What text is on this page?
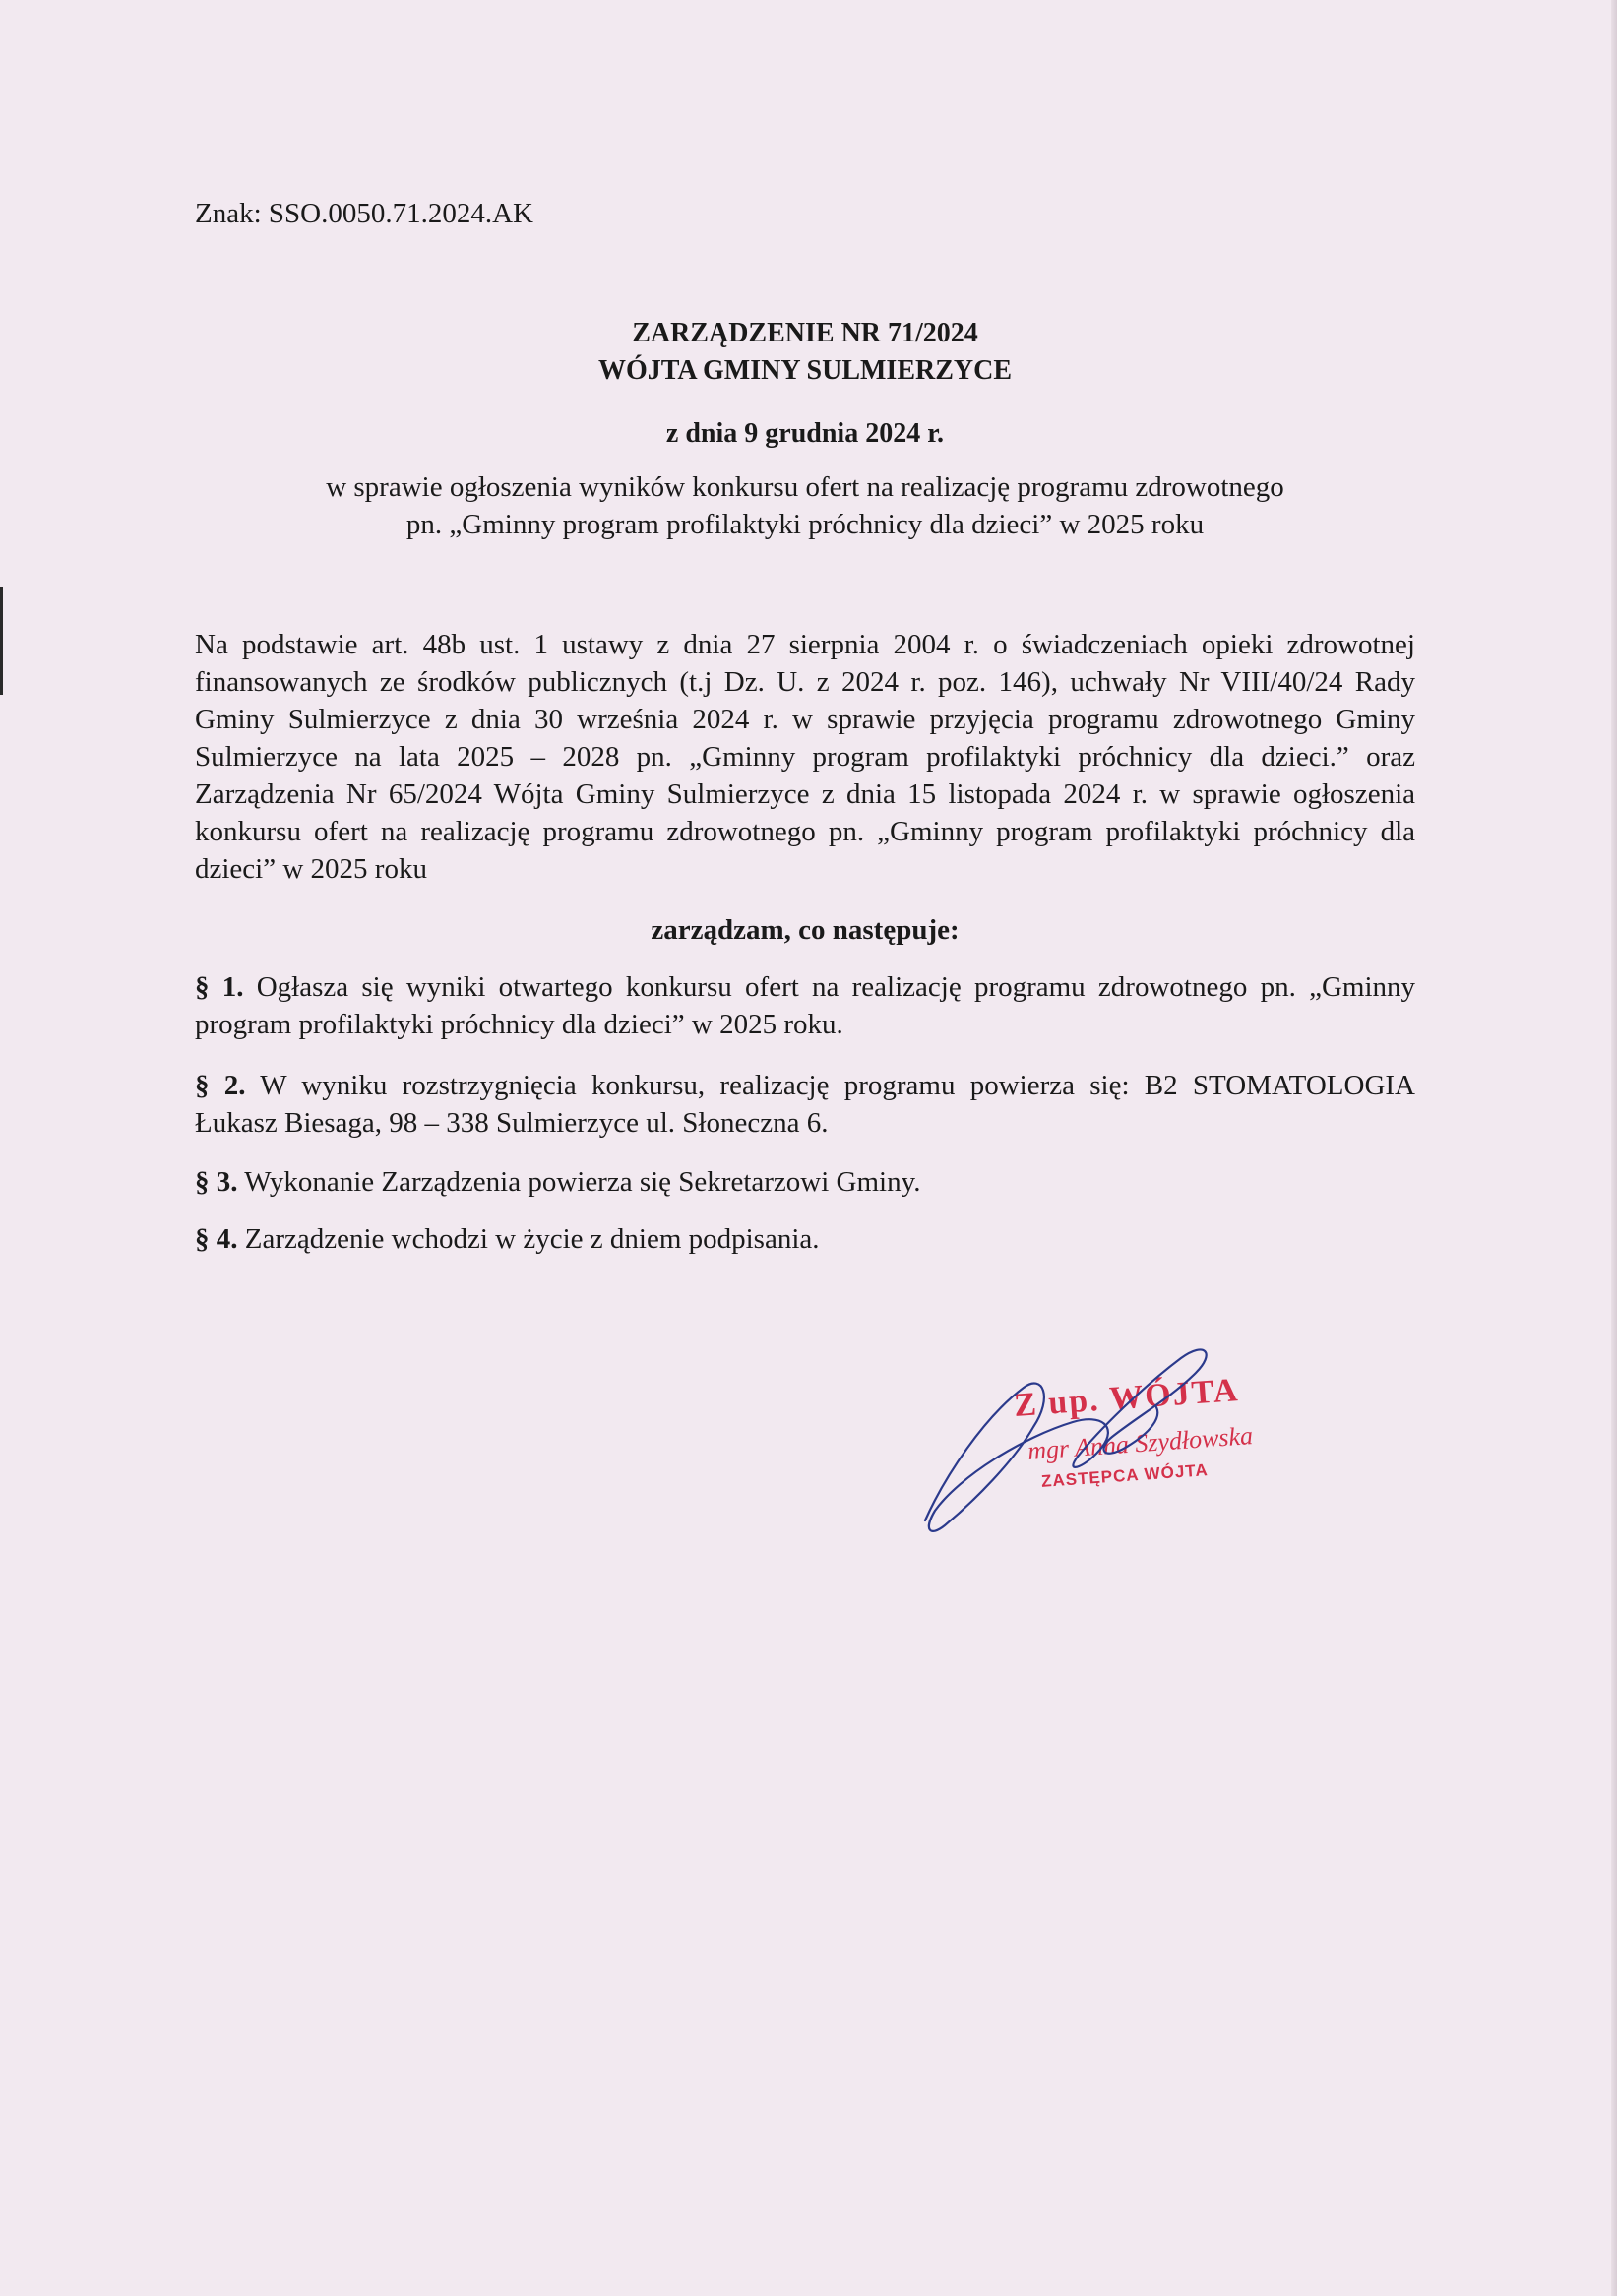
Znak: SSO.0050.71.2024.AK
ZARZĄDZENIE NR 71/2024
WÓJTA GMINY SULMIERZYCE
z dnia 9 grudnia 2024 r.
w sprawie ogłoszenia wyników konkursu ofert na realizację programu zdrowotnego
pn. „Gminny program profilaktyki próchnicy dla dzieci” w 2025 roku
Na podstawie art. 48b ust. 1 ustawy z dnia 27 sierpnia 2004 r. o świadczeniach opieki zdrowotnej finansowanych ze środków publicznych (t.j Dz. U. z 2024 r. poz. 146), uchwały Nr VIII/40/24 Rady Gminy Sulmierzyce z dnia 30 września 2024 r. w sprawie przyjęcia programu zdrowotnego Gminy Sulmierzyce na lata 2025 – 2028 pn. „Gminny program profilaktyki próchnicy dla dzieci.” oraz Zarządzenia Nr 65/2024 Wójta Gminy Sulmierzyce z dnia 15 listopada 2024 r. w sprawie ogłoszenia konkursu ofert na realizację programu zdrowotnego pn. „Gminny program profilaktyki próchnicy dla dzieci” w 2025 roku
zarządzam, co następuje:
§ 1. Ogłasza się wyniki otwartego konkursu ofert na realizację programu zdrowotnego pn. „Gminny program profilaktyki próchnicy dla dzieci” w 2025 roku.
§ 2. W wyniku rozstrzygnięcia konkursu, realizację programu powierza się: B2 STOMATOLOGIA Łukasz Biesaga, 98 – 338 Sulmierzyce ul. Słoneczna 6.
§ 3. Wykonanie Zarządzenia powierza się Sekretarzowi Gminy.
§ 4. Zarządzenie wchodzi w życie z dniem podpisania.
Z up. WÓJTA
mgr Anna Szydłowska
ZASTĘPCA WÓJTA
